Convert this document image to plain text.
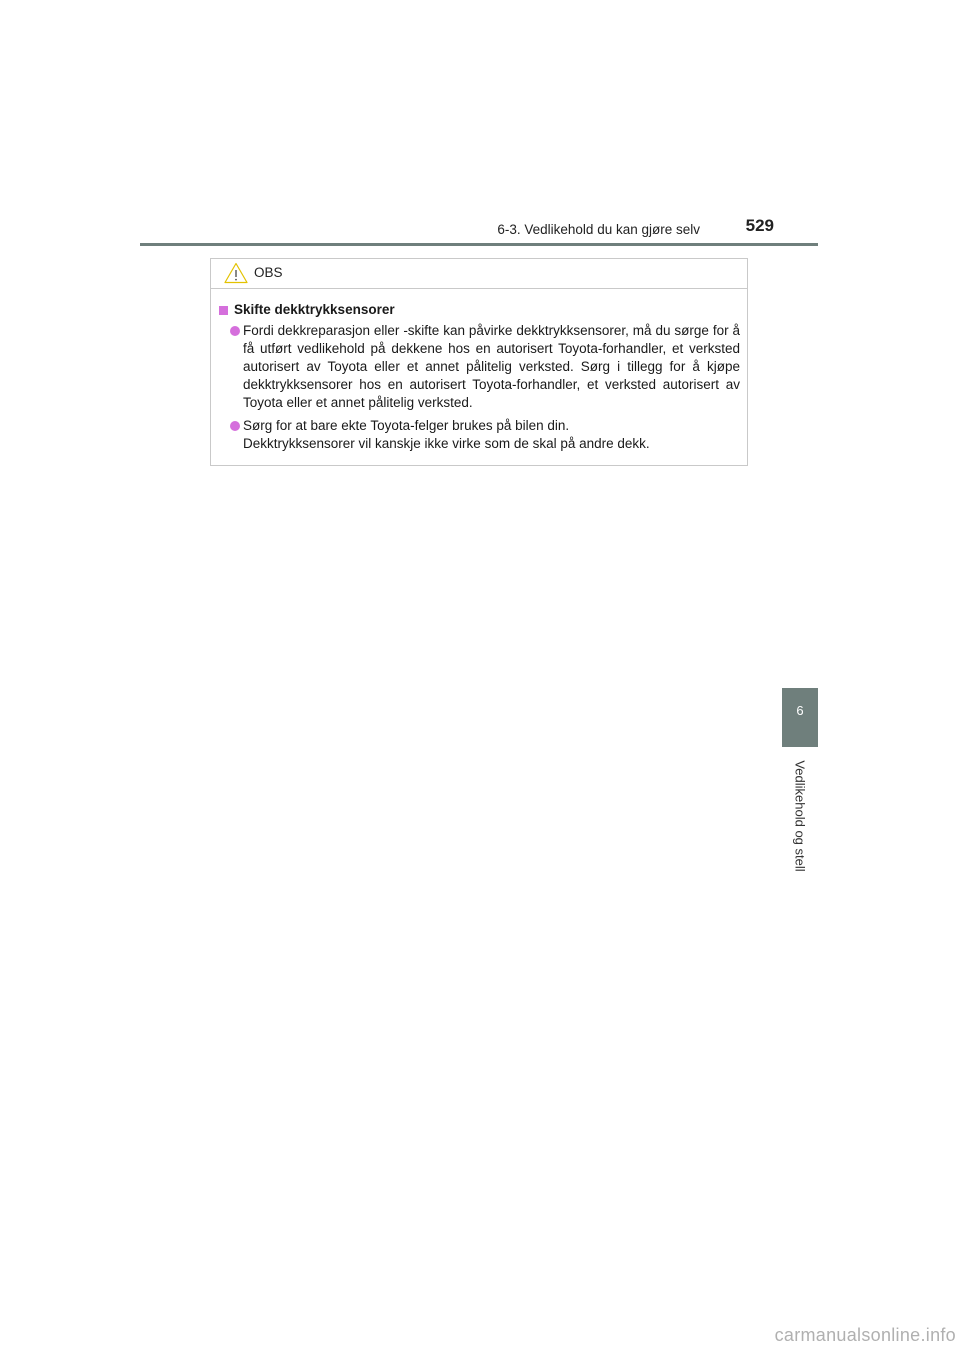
6-3. Vedlikehold du kan gjøre selv	529
6
Vedlikehold og stell
OBS
Skifte dekktrykksensorer

Fordi dekkreparasjon eller -skifte kan påvirke dekktrykksensorer, må du sørge for å få utført vedlikehold på dekkene hos en autorisert Toyota-forhandler, et verksted autorisert av Toyota eller et annet pålitelig verksted. Sørg i tillegg for å kjøpe dekktrykksensorer hos en autorisert Toyota-forhandler, et verksted autorisert av Toyota eller et annet pålitelig verksted.

Sørg for at bare ekte Toyota-felger brukes på bilen din.

Dekktrykksensorer vil kanskje ikke virke som de skal på andre dekk.

carmanualsonline.info
